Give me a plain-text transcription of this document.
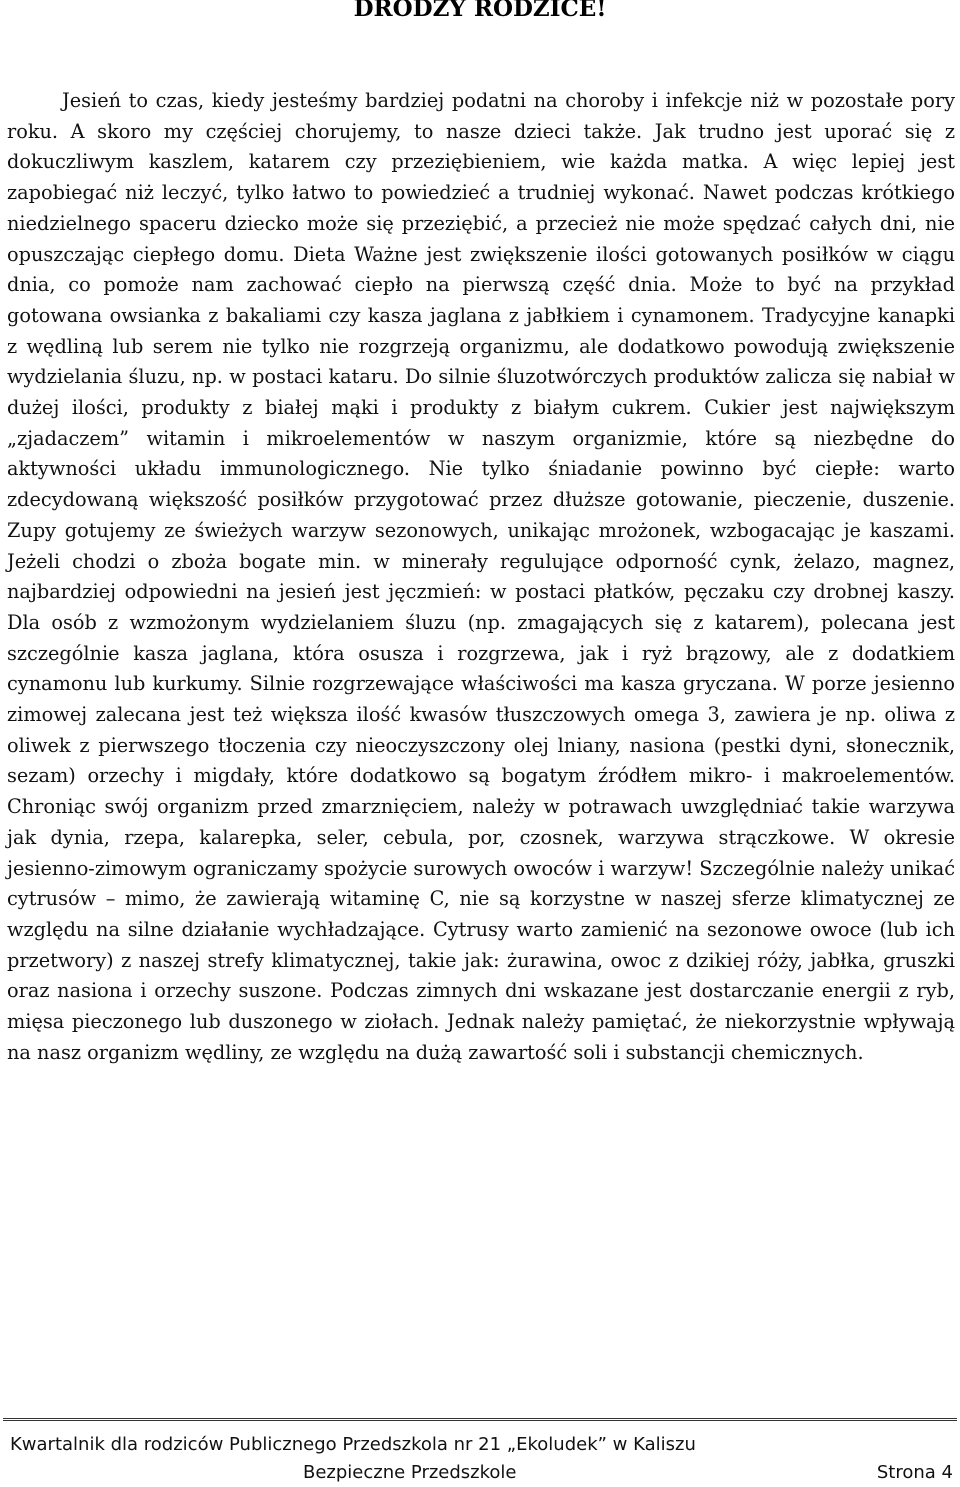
DRODZY RODZICE!

Jesień to czas, kiedy jesteśmy bardziej podatni na choroby i infekcje niż w pozostałe pory roku. A skoro my częściej chorujemy, to nasze dzieci także. Jak trudno jest uporać się z dokuczliwym kaszlem, katarem czy przeziębieniem, wie każda matka. A więc lepiej jest zapobiegać niż leczyć, tylko łatwo to powiedzieć a trudniej wykonać. Nawet podczas krótkiego niedzielnego spaceru dziecko może się przeziębić, a przecież nie może spędzać całych dni, nie opuszczając ciepłego domu. Dieta Ważne jest zwiększenie ilości gotowanych posiłków w ciągu dnia, co pomoże nam zachować ciepło na pierwszą część dnia. Może to być na przykład gotowana owsianka z bakaliami czy kasza jaglana z jabłkiem i cynamonem. Tradycyjne kanapki z wędliną lub serem nie tylko nie rozgrzeją organizmu, ale dodatkowo powodują zwiększenie wydzielania śluzu, np. w postaci kataru. Do silnie śluzotwórczych produktów zalicza się nabiał w dużej ilości, produkty z białej mąki i produkty z białym cukrem. Cukier jest największym „zjadaczem” witamin i mikroelementów w naszym organizmie, które są niezbędne do aktywności układu immunologicznego. Nie tylko śniadanie powinno być ciepłe: warto zdecydowaną większość posiłków przygotować przez dłuższe gotowanie, pieczenie, duszenie. Zupy gotujemy ze świeżych warzyw sezonowych, unikając mrożonek, wzbogacając je kaszami. Jeżeli chodzi o zboża bogate min. w minerały regulujące odporność cynk, żelazo, magnez, najbardziej odpowiedni na jesień jest jęczmień: w postaci płatków, pęczaku czy drobnej kaszy. Dla osób z wzmożonym wydzielaniem śluzu (np. zmagających się z katarem), polecana jest szczególnie kasza jaglana, która osusza i rozgrzewa, jak i ryż brązowy, ale z dodatkiem cynamonu lub kurkumy. Silnie rozgrzewające właściwości ma kasza gryczana. W porze jesienno zimowej zalecana jest też większa ilość kwasów tłuszczowych omega 3, zawiera je np. oliwa z oliwek z pierwszego tłoczenia czy nieoczyszczony olej lniany, nasiona (pestki dyni, słonecznik, sezam) orzechy i migdały, które dodatkowo są bogatym źródłem mikro- i makroelementów. Chroniąc swój organizm przed zmarznięciem, należy w potrawach uwzględniać takie warzywa jak dynia, rzepa, kalarepka, seler, cebula, por, czosnek, warzywa strączkowe. W okresie jesienno-zimowym ograniczamy spożycie surowych owoców i warzyw! Szczególnie należy unikać cytrusów – mimo, że zawierają witaminę C, nie są korzystne w naszej sferze klimatycznej ze względu na silne działanie wychładzające. Cytrusy warto zamienić na sezonowe owoce (lub ich przetwory) z naszej strefy klimatycznej, takie jak: żurawina, owoc z dzikiej róży, jabłka, gruszki oraz nasiona i orzechy suszone. Podczas zimnych dni wskazane jest dostarczanie energii z ryb, mięsa pieczonego lub duszonego w ziołach. Jednak należy pamiętać, że niekorzystnie wpływają na nasz organizm wędliny, ze względu na dużą zawartość soli i substancji chemicznych.

Kwartalnik dla rodziców Publicznego Przedszkola nr 21 „Ekoludek” w Kaliszu

Bezpieczne Przedszkole	Strona 4
